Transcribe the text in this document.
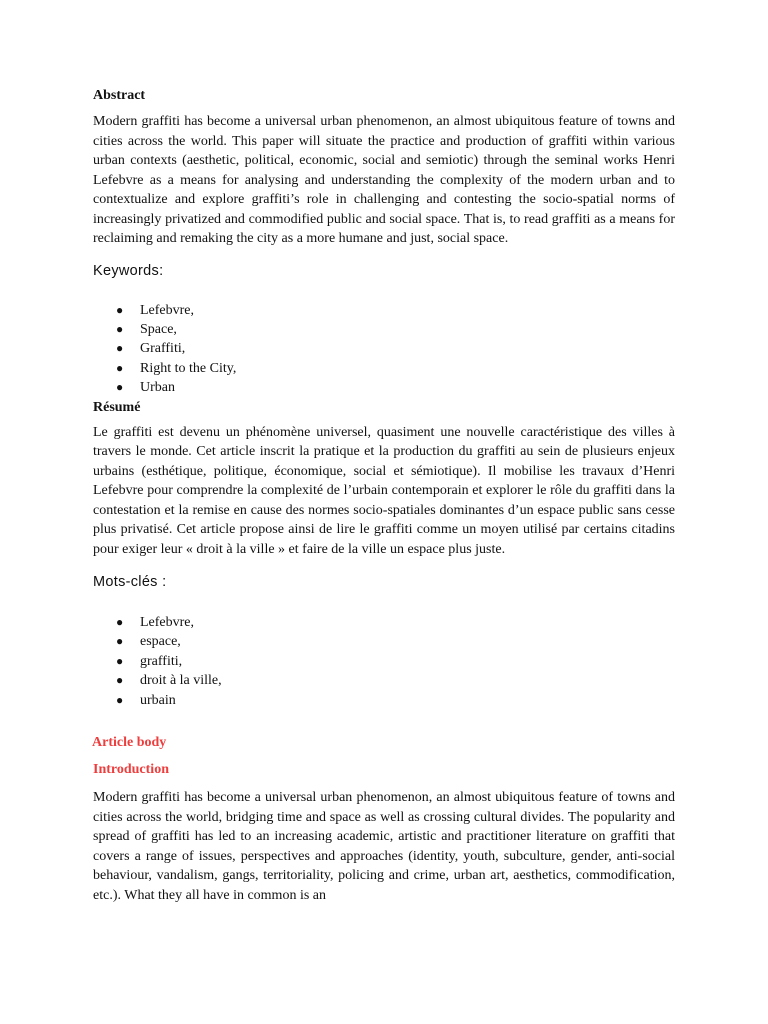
Abstract

Modern graffiti has become a universal urban phenomenon, an almost ubiquitous feature of towns and cities across the world. This paper will situate the practice and production of graffiti within various urban contexts (aesthetic, political, economic, social and semiotic) through the seminal works Henri Lefebvre as a means for analysing and understanding the complexity of the modern urban and to contextualize and explore graffiti’s role in challenging and contesting the socio-spatial norms of increasingly privatized and commodified public and social space. That is, to read graffiti as a means for reclaiming and remaking the city as a more humane and just, social space.

Keywords:

● Lefebvre,
● Space,
● Graffiti,
● Right to the City,
● Urban

Résumé

Le graffiti est devenu un phénomène universel, quasiment une nouvelle caractéristique des villes à travers le monde. Cet article inscrit la pratique et la production du graffiti au sein de plusieurs enjeux urbains (esthétique, politique, économique, social et sémiotique). Il mobilise les travaux d’Henri Lefebvre pour comprendre la complexité de l’urbain contemporain et explorer le rôle du graffiti dans la contestation et la remise en cause des normes socio-spatiales dominantes d’un espace public sans cesse plus privatisé. Cet article propose ainsi de lire le graffiti comme un moyen utilisé par certains citadins pour exiger leur « droit à la ville » et faire de la ville un espace plus juste.

Mots-clés :

● Lefebvre,
● espace,
● graffiti,
● droit à la ville,
● urbain

Article body

Introduction

Modern graffiti has become a universal urban phenomenon, an almost ubiquitous feature of towns and cities across the world, bridging time and space as well as crossing cultural divides. The popularity and spread of graffiti has led to an increasing academic, artistic and practitioner literature on graffiti that covers a range of issues, perspectives and approaches (identity, youth, subculture, gender, anti-social behaviour, vandalism, gangs, territoriality, policing and crime, urban art, aesthetics, commodification, etc.). What they all have in common is an
